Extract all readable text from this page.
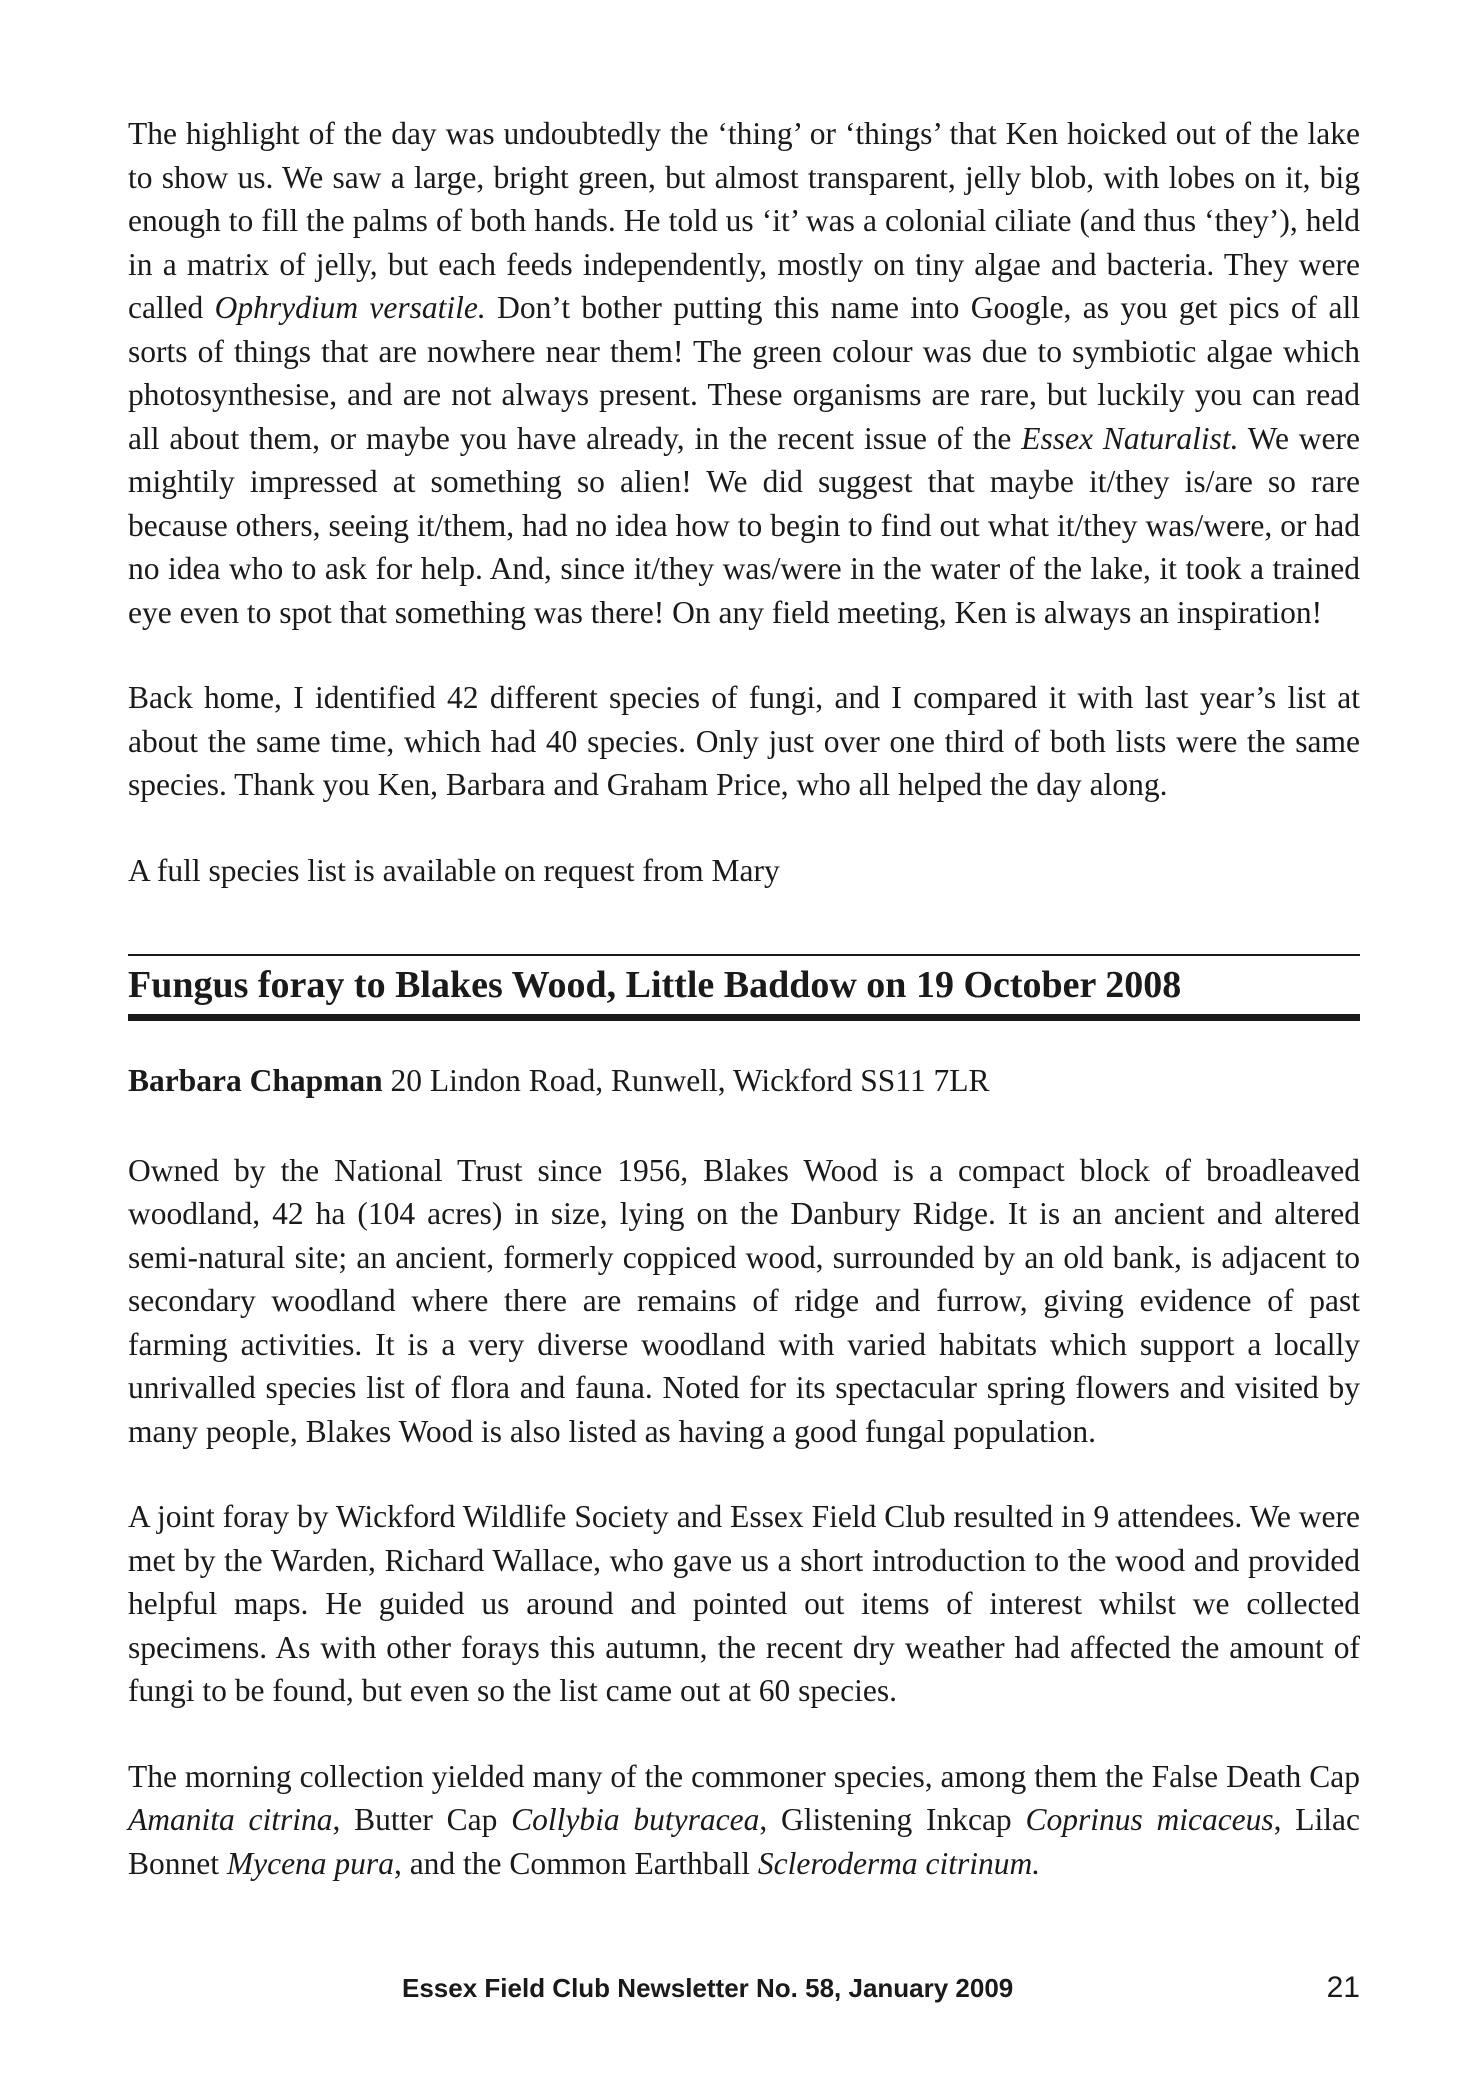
The highlight of the day was undoubtedly the ‘thing’ or ‘things’ that Ken hoicked out of the lake to show us. We saw a large, bright green, but almost transparent, jelly blob, with lobes on it, big enough to fill the palms of both hands. He told us ‘it’ was a colonial ciliate (and thus ‘they’), held in a matrix of jelly, but each feeds independently, mostly on tiny algae and bacteria. They were called Ophrydium versatile. Don’t bother putting this name into Google, as you get pics of all sorts of things that are nowhere near them! The green colour was due to symbiotic algae which photosynthesise, and are not always present. These organisms are rare, but luckily you can read all about them, or maybe you have already, in the recent issue of the Essex Naturalist. We were mightily impressed at something so alien! We did suggest that maybe it/they is/are so rare because others, seeing it/them, had no idea how to begin to find out what it/they was/were, or had no idea who to ask for help. And, since it/they was/were in the water of the lake, it took a trained eye even to spot that something was there! On any field meeting, Ken is always an inspiration!

Back home, I identified 42 different species of fungi, and I compared it with last year’s list at about the same time, which had 40 species. Only just over one third of both lists were the same species. Thank you Ken, Barbara and Graham Price, who all helped the day along.

A full species list is available on request from Mary

Fungus foray to Blakes Wood, Little Baddow on 19 October 2008

Barbara Chapman 20 Lindon Road, Runwell, Wickford SS11 7LR

Owned by the National Trust since 1956, Blakes Wood is a compact block of broadleaved woodland, 42 ha (104 acres) in size, lying on the Danbury Ridge. It is an ancient and altered semi-natural site; an ancient, formerly coppiced wood, surrounded by an old bank, is adjacent to secondary woodland where there are remains of ridge and furrow, giving evidence of past farming activities. It is a very diverse woodland with varied habitats which support a locally unrivalled species list of flora and fauna. Noted for its spectacular spring flowers and visited by many people, Blakes Wood is also listed as having a good fungal population.

A joint foray by Wickford Wildlife Society and Essex Field Club resulted in 9 attendees. We were met by the Warden, Richard Wallace, who gave us a short introduction to the wood and provided helpful maps. He guided us around and pointed out items of interest whilst we collected specimens. As with other forays this autumn, the recent dry weather had affected the amount of fungi to be found, but even so the list came out at 60 species.

The morning collection yielded many of the commoner species, among them the False Death Cap Amanita citrina, Butter Cap Collybia butyracea, Glistening Inkcap Coprinus micaceus, Lilac Bonnet Mycena pura, and the Common Earthball Scleroderma citrinum.

Essex Field Club Newsletter No. 58, January 2009	21
